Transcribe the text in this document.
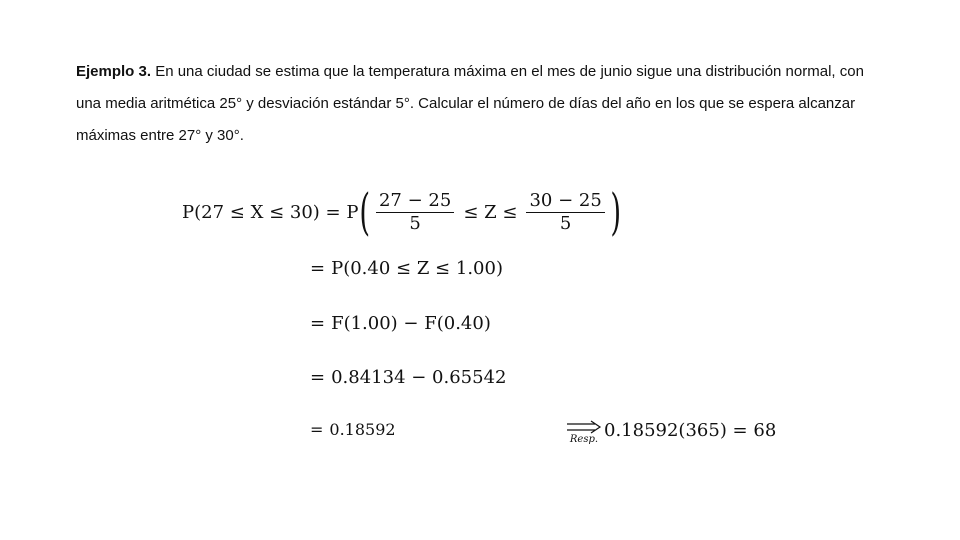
Ejemplo 3. En una ciudad se estima que la temperatura máxima en el mes de junio sigue una distribución normal, con una media aritmética 25° y desviación estándar 5°. Calcular el número de días del año en los que se espera alcanzar máximas entre 27° y 30°.
P(27 ≤ X ≤ 30) = P ( $\frac{27 - 25}{5} \le Z \le \frac{30 - 25}{5}$ )
= P(0.40 ≤ Z ≤ 1.00)
= F(1.00) − F(0.40)
= 0.84134 − 0.65542
= 0.18592
Resp. 0.18592(365) = 68
